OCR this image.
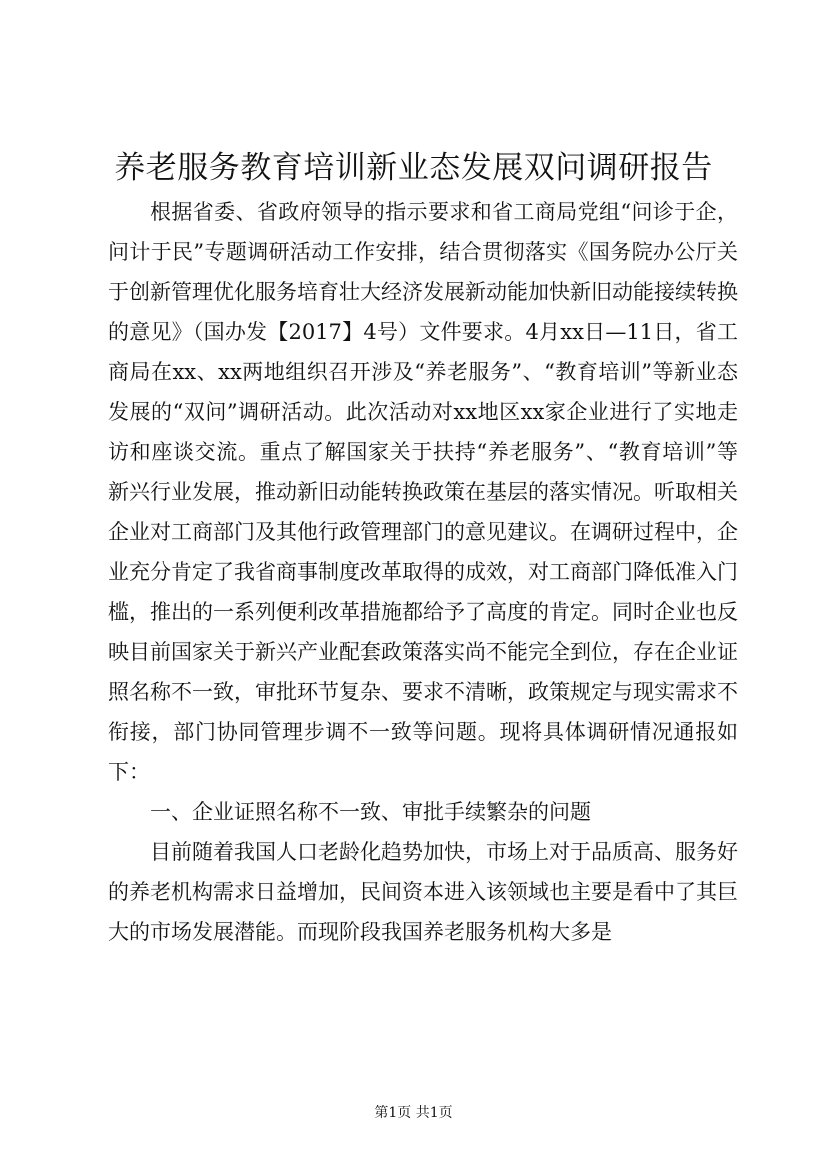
养老服务教育培训新业态发展双问调研报告

根据省委、省政府领导的指示要求和省工商局党组“问诊于企，问计于民”专题调研活动工作安排，结合贯彻落实《国务院办公厅关于创新管理优化服务培育壮大经济发展新动能加快新旧动能接续转换的意见》（国办发【2017】4号）文件要求。4月xx日—11日，省工商局在xx、xx两地组织召开涉及“养老服务”、“教育培训”等新业态发展的“双问”调研活动。此次活动对xx地区xx家企业进行了实地走访和座谈交流。重点了解国家关于扶持“养老服务”、“教育培训”等新兴行业发展，推动新旧动能转换政策在基层的落实情况。听取相关企业对工商部门及其他行政管理部门的意见建议。在调研过程中，企业充分肯定了我省商事制度改革取得的成效，对工商部门降低准入门槛，推出的一系列便利改革措施都给予了高度的肯定。同时企业也反映目前国家关于新兴产业配套政策落实尚不能完全到位，存在企业证照名称不一致，审批环节复杂、要求不清晰，政策规定与现实需求不衔接，部门协同管理步调不一致等问题。现将具体调研情况通报如下：

一、企业证照名称不一致、审批手续繁杂的问题

目前随着我国人口老龄化趋势加快，市场上对于品质高、服务好的养老机构需求日益增加，民间资本进入该领域也主要是看中了其巨大的市场发展潜能。而现阶段我国养老服务机构大多是

第1页 共1页
